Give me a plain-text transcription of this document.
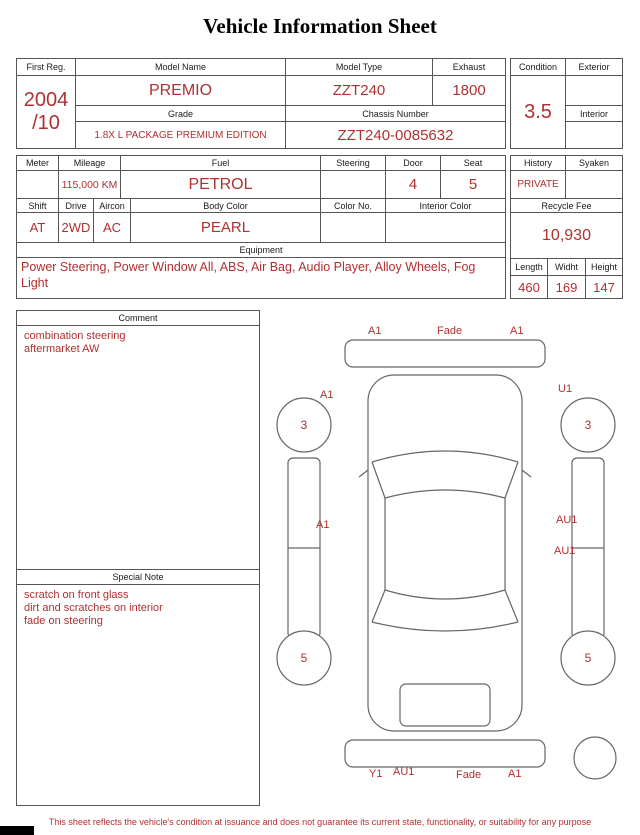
Vehicle Information Sheet
First Reg.	Model Name	Model Type	Exhaust

2004
/10	PREMIO	ZZT240	1800
	Grade	Chassis Number	
	1.8X L PACKAGE PREMIUM EDITION	ZZT240-0085632	
Condition	Exterior
3.5	
	Interior

Meter	Mileage		Fuel		Steering	Door	Seat
	115,000 KM		PETROL			4	5
Shift	Drive	Aircon		Body Color	Color No.	Interior Color	
AT	2WD	AC		PEARL			
Equipment							
Power Steering, Power Window All, ABS, Air Bag, Audio Player, Alloy Wheels, Fog Light							
History		Syaken	
PRIVATE			
Recycle Fee			
10,930			
Length	Widht		Height
460	169		147
Comment
combination steering
aftermarket AW
Special Note
scratch on front glass
dirt and scratches on interior
fade on steering
A1	Fade	A1
A1	U1
3	3
A1	AU1
AU1
5	5
Y1 AU1	Fade A1
This sheet reflects the vehicle's condition at issuance and does not guarantee its current state, functionality, or suitability for any purpose
